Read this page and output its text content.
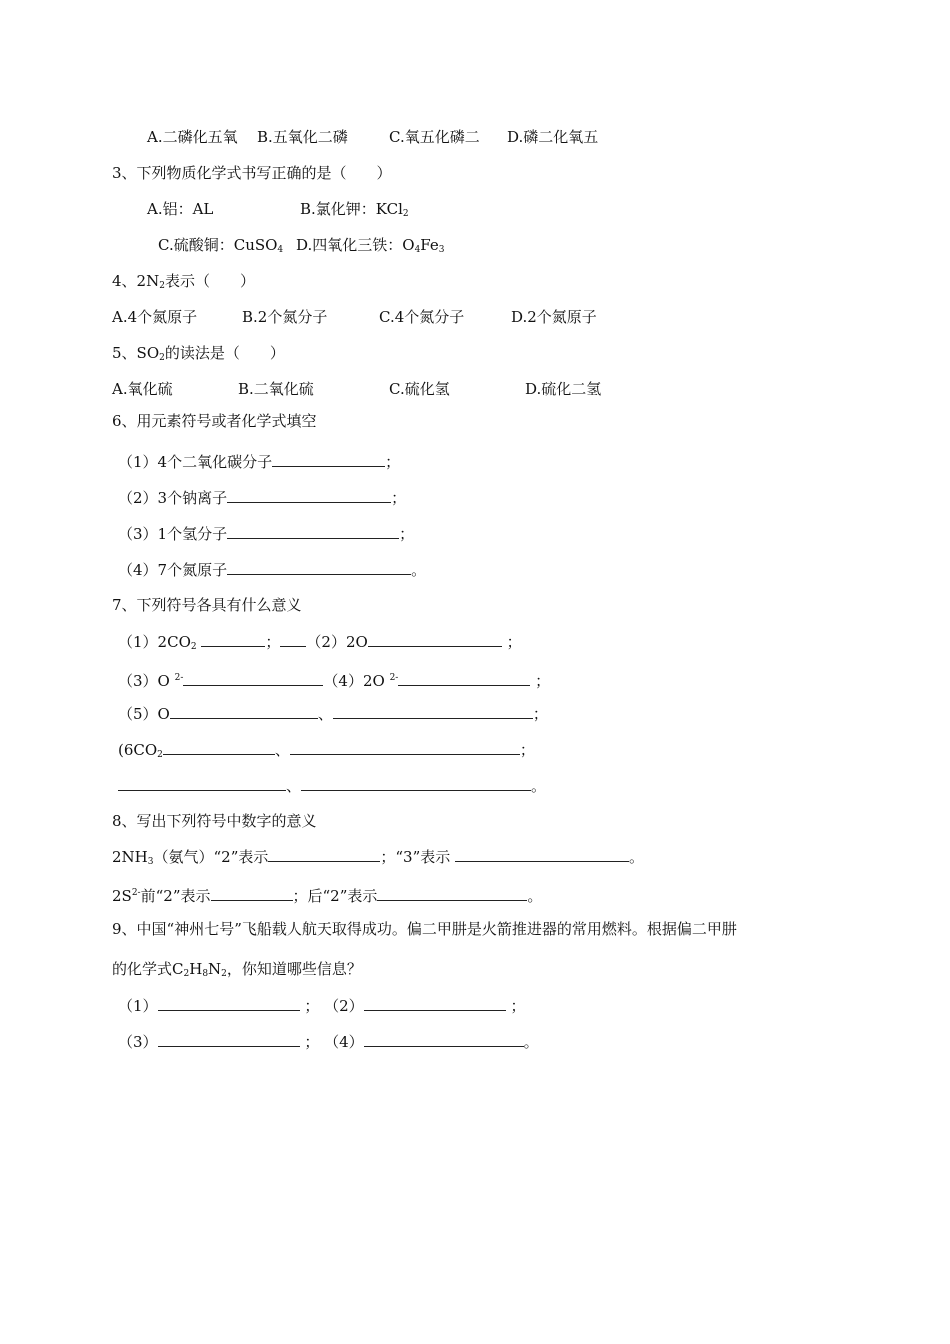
A.二磷化五氧 B.五氧化二磷	C.氧五化磷二 D.磷二化氧五
3、下列物质化学式书写正确的是（　　）
A.铝：AL	B.氯化钾：KCl$_2$
C.硫酸铜：CuSO$_4$ D.四氧化三铁：$O_4Fe_3$
4、$2N_2$表示（　　）
A.4个氮原子	B.2个氮分子	C.4个氮分子	D.2个氮原子
5、$SO_2$的读法是（　　）
A.氧化硫	B.二氧化硫	C.硫化氢	D.硫化二氢
6、用元素符号或者化学式填空
（1）4个二氧化碳分子	；
（2）3个钠离子	；
（3）1个氢分子	；
（4）7个氮原子	。
7、下列符号各具有什么意义
$(1)2CO_2$	； （2）2O	；
（3）O $^{2-}$	（4）2O $^{2-}$	；
（5）O	、	；
($6CO_2$	、	；
、	。
8、写出下列符号中数字的意义
$2NH_3$（氨气）“2”表示	；“3”表示	。
$2S^{2-}$前“2”表示	；后“2”表示	。
9、中国“神州七号”飞船载人航天取得成功。偏二甲肼是火箭推进器的常用燃料。根据偏二甲肼
的化学式$C_2H_8N_2$，你知道哪些信息？
（1）	； （2）	；
（3）	； （4）	。
